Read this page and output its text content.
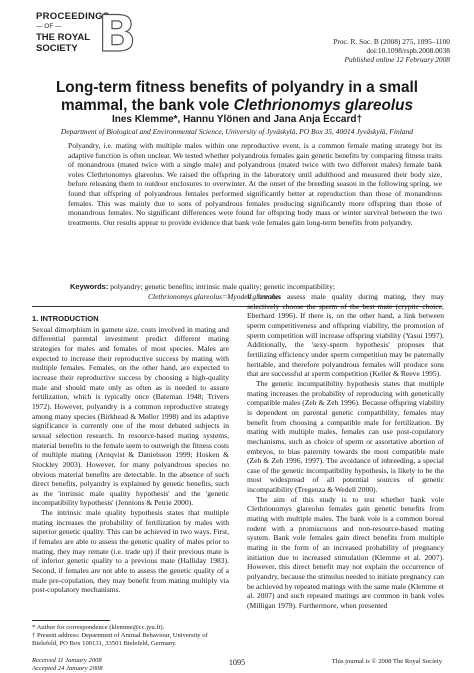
PROCEEDINGS
— OF —
THE ROYAL
SOCIETY B	Proc. R. Soc. B (2008) 275, 1095–1100
doi:10.1098/rspb.2008.0038
Published online 12 February 2008
Long-term fitness benefits of polyandry in a small
mammal, the bank vole Clethrionomys glareolus
Ines Klemme*, Hannu Ylönen and Jana Anja Eccard†
Department of Biological and Environmental Science, University of Jyväskylä, PO Box 35, 40014 Jyväskylä, Finland
Polyandry, i.e. mating with multiple males within one reproductive event, is a common female mating strategy but its adaptive function is often unclear. We tested whether polyandrous females gain genetic benefits by comparing fitness traits of monandrous (mated twice with a single male) and polyandrous (mated twice with two different males) female bank voles Clethrionomys glareolus. We raised the offspring in the laboratory until adulthood and measured their body size, before releasing them to outdoor enclosures to overwinter. At the onset of the breeding season in the following spring, we found that offspring of polyandrous females performed significantly better at reproduction than those of monandrous females. This was mainly due to sons of polyandrous females producing significantly more offspring than those of monandrous females. No significant differences were found for offspring body mass or winter survival between the two treatments. Our results appear to provide evidence that bank vole females gain long-term benefits from polyandry.
Keywords: polyandry; genetic benefits; intrinsic male quality; genetic incompatibility;
Clethrionomys glareolus=Myodes glareolus
1. INTRODUCTION

Sexual dimorphism in gamete size, costs involved in mating and differential parental investment predict different mating strategies for males and females of most species. Males are expected to increase their reproductive success by mating with multiple females. Females, on the other hand, are expected to increase their reproductive success by choosing a high-quality male and should mate only as often as is needed to assure fertilization, which is typically once (Bateman 1948; Trivers 1972). However, polyandry is a common reproductive strategy among many species (Birkhead & Møller 1998) and its adaptive significance is currently one of the most debated subjects in sexual selection research. In resource-based mating systems, material benefits to the female seem to outweigh the fitness costs of multiple mating (Arnqvist & Danielsson 1999; Hosken & Stockley 2003). However, for many polyandrous species no obvious material benefits are detectable. In the absence of such direct benefits, polyandry is explained by genetic benefits, such as the 'intrinsic male quality hypothesis' and the 'genetic incompatibility hypothesis' (Jennions & Petrie 2000).

The intrinsic male quality hypothesis states that multiple mating increases the probability of fertilization by males with superior genetic quality. This can be achieved in two ways. First, if females are able to assess the genetic quality of males prior to mating, they may remate (i.e. trade up) if their previous mate is of inferior genetic quality to a previous mate (Halliday 1983). Second, if females are not able to assess the genetic quality of a male pre-copulation, they may benefit from mating multiply via post-copulatory mechanisms.

If females assess male quality during mating, they may selectively choose the sperm of the best mate (cryptic choice; Eberhard 1996). If there is, on the other hand, a link between sperm competitiveness and offspring viability, the promotion of sperm competition will increase offspring viability (Yasui 1997). Additionally, the 'sexy-sperm hypothesis' proposes that fertilizing efficiency under sperm competition may be paternally heritable, and therefore polyandrous females will produce sons that are successful at sperm competition (Keller & Reeve 1995).

The genetic incompatibility hypothesis states that multiple mating increases the probability of reproducing with genetically compatible males (Zeh & Zeh 1996). Because offspring viability is dependent on parental genetic compatibility, females may benefit from choosing a compatible male for fertilization. By mating with multiple males, females can use post-copulatory mechanisms, such as choice of sperm or assortative abortion of embryos, to bias paternity towards the most compatible male (Zeh & Zeh 1996, 1997). The avoidance of inbreeding, a special case of the genetic incompatibility hypothesis, is likely to be the most widespread of all potential sources of genetic incompatibility (Tregenza & Wedell 2000).

The aim of this study is to test whether bank vole Clethrionomys glareolus females gain genetic benefits from mating with multiple males. The bank vole is a common boreal rodent with a promiscuous and non-resource-based mating system. Bank vole females gain direct benefits from multiple mating in the form of an increased probability of pregnancy initiation due to increased stimulation (Klemme et al. 2007). However, this direct benefit may not explain the occurrence of polyandry, because the stimulus needed to initiate pregnancy can be achieved by repeated matings with the same male (Klemme et al. 2007) and such repeated matings are common in bank voles (Milligan 1979). Furthermore, when presented

* Author for correspondence (klemme@cc.jyu.fi).
† Present address: Department of Animal Behaviour, University of Bielefeld, PO Box 100131, 33501 Bielefeld, Germany.
Received 11 January 2008
Accepted 24 January 2008
1095	This journal is © 2008 The Royal Society
